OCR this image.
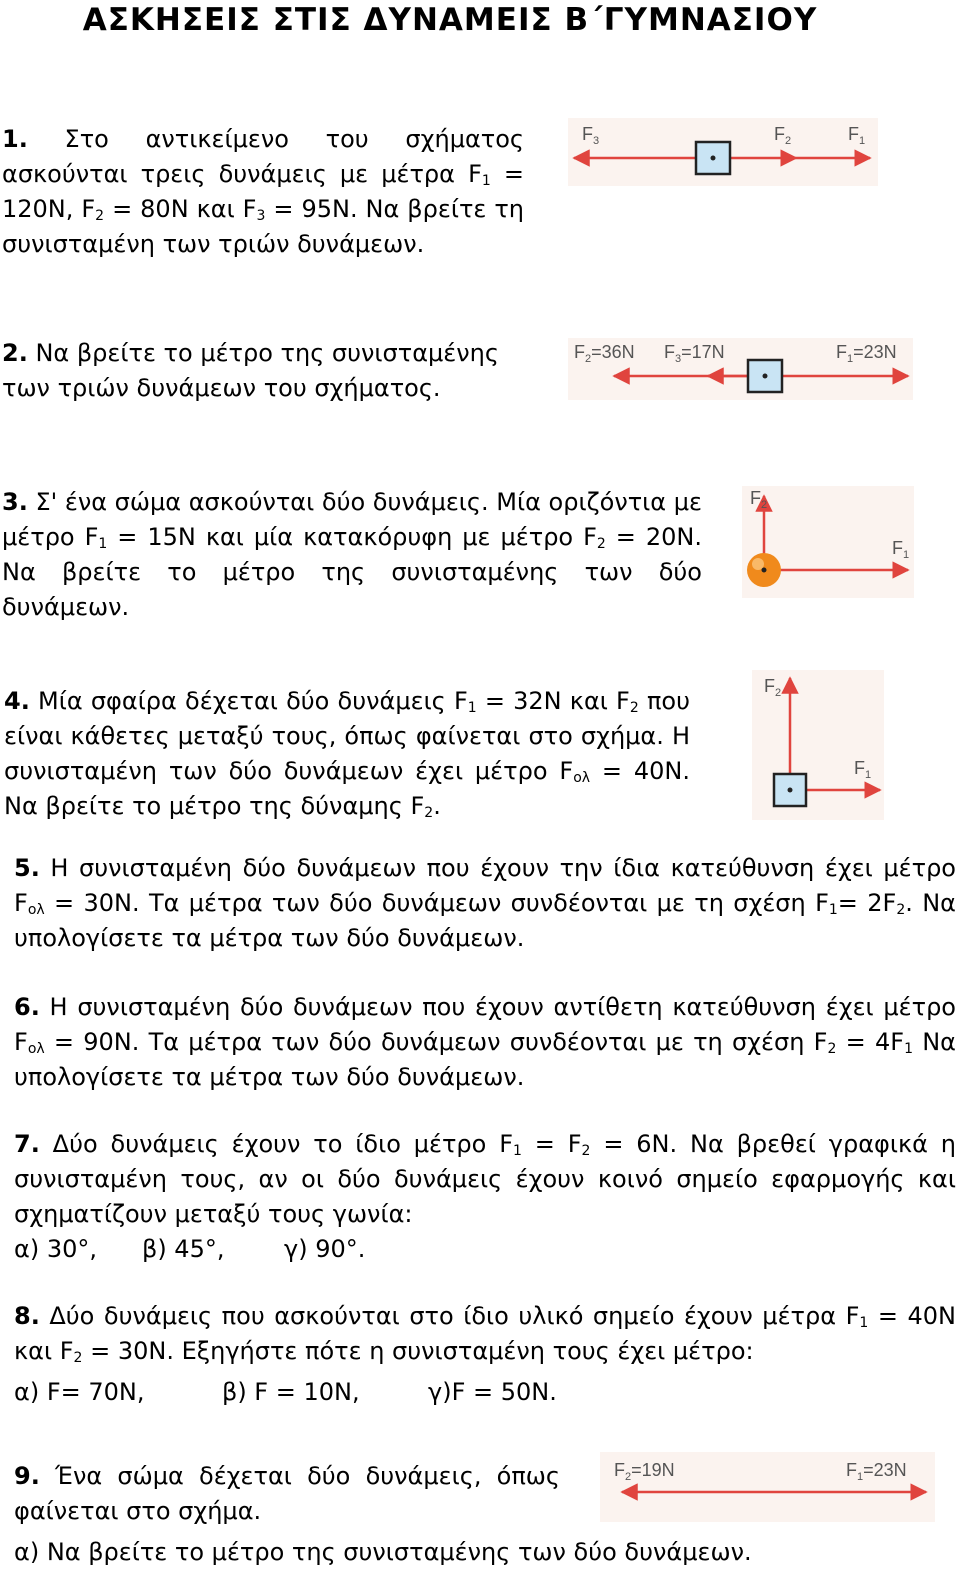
ΑΣΚΗΣΕΙΣ ΣΤΙΣ ΔΥΝΑΜΕΙΣ Β΄ΓΥΜΝΑΣΙΟΥ
1. Στο αντικείμενο του σχήματος ασκούνται τρεις δυνάμεις με μέτρα $F_1 = 120N$, $F_2 = 80N$ και $F_3 = 95N$. Να βρείτε τη συνισταμένη των τριών δυνάμεων.
$F_3$	$F_2$	$F_1$
2. Να βρείτε το μέτρο της συνισταμένης των τριών δυνάμεων του σχήματος.
$F_2=36N$ $F_3=17N$	$F_1=23N$
3. Σ' ένα σώμα ασκούνται δύο δυνάμεις. Μία οριζόντια με μέτρο $F_1 = 15N$ και μία κατακόρυφη με μέτρο $F_2 = 20N$. Να βρείτε το μέτρο της συνισταμένης των δύο δυνάμεων.
$F_2$
$F_1$
4. Μία σφαίρα δέχεται δύο δυνάμεις $F_1 = 32N$ και $F_2$ που είναι κάθετες μεταξύ τους, όπως φαίνεται στο σχήμα. Η συνισταμένη των δύο δυνάμεων έχει μέτρο $F_{o\lambda} = 40N$. Να βρείτε το μέτρο της δύναμης $F_2$.
$F_2$
$F_1$
5. Η συνισταμένη δύο δυνάμεων που έχουν την ίδια κατεύθυνση έχει μέτρο $F_{o\lambda} = 30N$. Τα μέτρα των δύο δυνάμεων συνδέονται με τη σχέση $F_1= 2F_2$. Να υπολογίσετε τα μέτρα των δύο δυνάμεων.
6. Η συνισταμένη δύο δυνάμεων που έχουν αντίθετη κατεύθυνση έχει μέτρο $F_{o\lambda} = 90N$. Τα μέτρα των δύο δυνάμεων συνδέονται με τη σχέση $F_2 = 4F_1$ Να υπολογίσετε τα μέτρα των δύο δυνάμεων.
7. Δύο δυνάμεις έχουν το ίδιο μέτρο $F_1 = F_2 = 6N$. Να βρεθεί γραφικά η συνισταμένη τους, αν οι δύο δυνάμεις έχουν κοινό σημείο εφαρμογής και σχηματίζουν μεταξύ τους γωνία:
α) 30°, β) 45°, γ) 90°.
8. Δύο δυνάμεις που ασκούνται στο ίδιο υλικό σημείο έχουν μέτρα $F_1 = 40N$ και $F_2 = 30N$. Εξηγήστε πότε η συνισταμένη τους έχει μέτρο:
α) F= 70N,	β) F = 10N,	γ)F = 50N.
9. Ένα σώμα δέχεται δύο δυνάμεις, όπως φαίνεται στο σχήμα.
α) Να βρείτε το μέτρο της συνισταμένης των δύο δυνάμεων.
$F_2=19N$	$F_1=23N$
